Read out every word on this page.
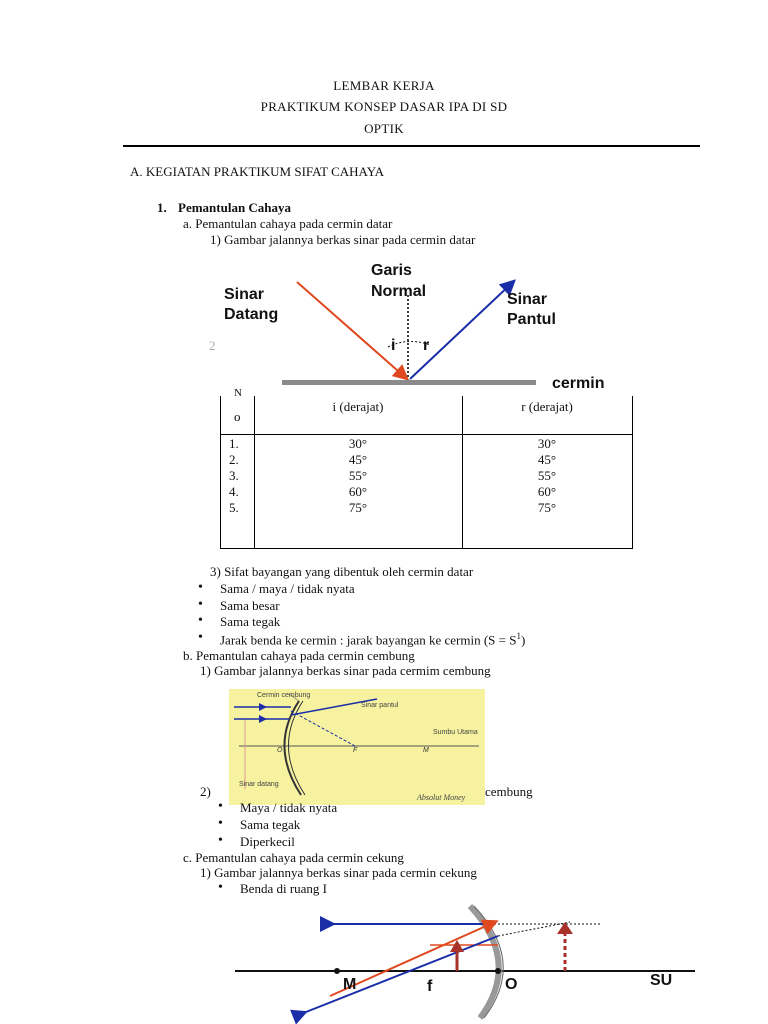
LEMBAR KERJA
PRAKTIKUM KONSEP DASAR IPA DI SD
OPTIK
A. KEGIATAN PRAKTIKUM SIFAT CAHAYA
1. Pemantulan Cahaya
a. Pemantulan cahaya pada cermin datar
1) Gambar jalannya berkas sinar pada cermin datar
Garis
Normal
Sinar
Datang
Sinar
Pantul
i r
cermin
2
N
o
i (derajat)	r (derajat)
1.	30°	30°
2.	45°	45°
3.	55°	55°
4.	60°	60°
5.	75°	75°
3) Sifat bayangan yang dibentuk oleh cermin datar
• Sama / maya / tidak nyata
• Sama besar
• Sama tegak
• Jarak benda ke cermin : jarak bayangan ke cermin $(S = S^1)$
b. Pemantulan cahaya pada cermin cembung
1) Gambar jalannya berkas sinar pada cermim cembung
Cermin cembung
Sinar pantul
Sumbu Utama
O	F	M
Sinar datang
Absolut Money
2)	cembung
• Maya / tidak nyata
• Sama tegak
• Diperkecil
c. Pemantulan cahaya pada cermin cekung
1) Gambar jalannya berkas sinar pada cermin cekung
• Benda di ruang I
M	f	O	SU
